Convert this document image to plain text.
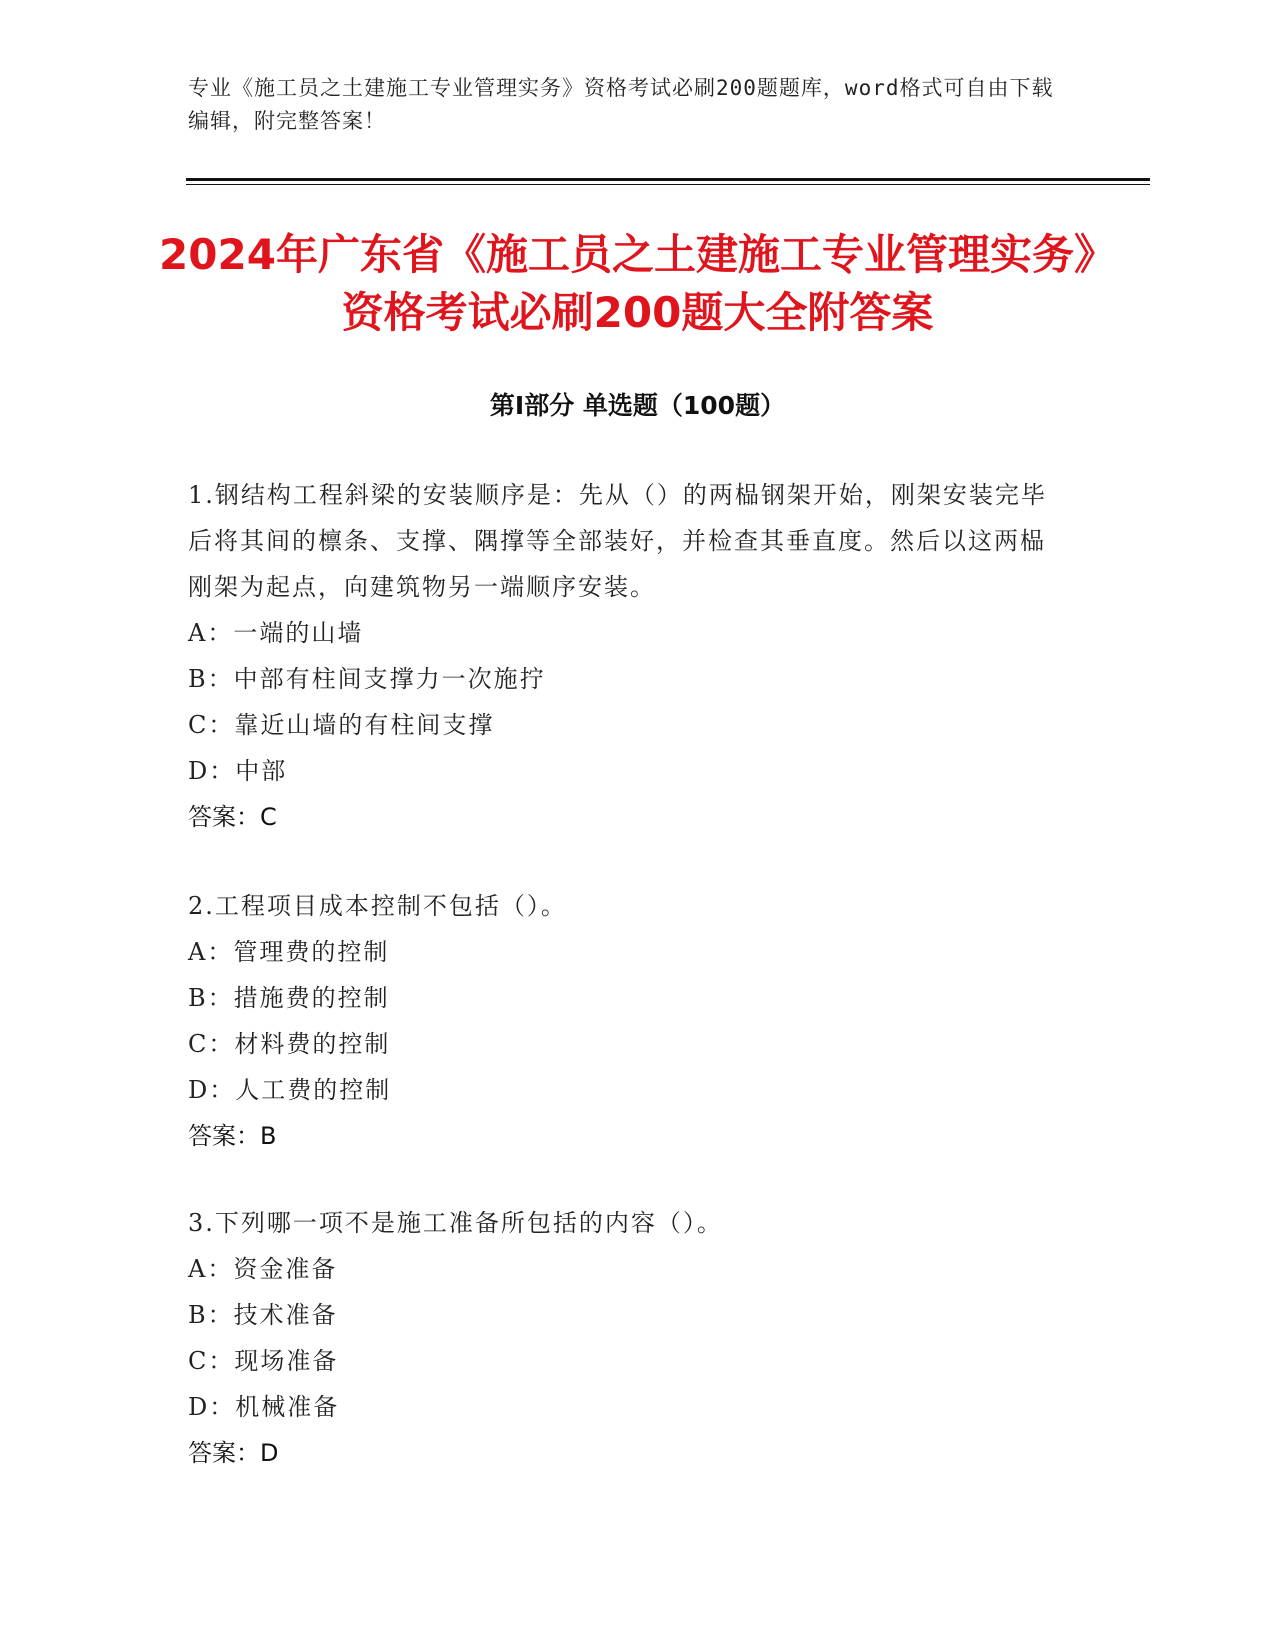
专业《施工员之土建施工专业管理实务》资格考试必刷200题题库，word格式可自由下载编辑，附完整答案！
2024年广东省《施工员之土建施工专业管理实务》资格考试必刷200题大全附答案
第I部分 单选题（100题）
1.钢结构工程斜梁的安装顺序是：先从（）的两榀钢架开始，刚架安装完毕后将其间的檩条、支撑、隅撑等全部装好，并检查其垂直度。然后以这两榀刚架为起点，向建筑物另一端顺序安装。
A：一端的山墙
B：中部有柱间支撑力一次施拧
C：靠近山墙的有柱间支撑
D：中部
答案：C
2.工程项目成本控制不包括（）。
A：管理费的控制
B：措施费的控制
C：材料费的控制
D：人工费的控制
答案：B
3.下列哪一项不是施工准备所包括的内容（）。
A：资金准备
B：技术准备
C：现场准备
D：机械准备
答案：D
